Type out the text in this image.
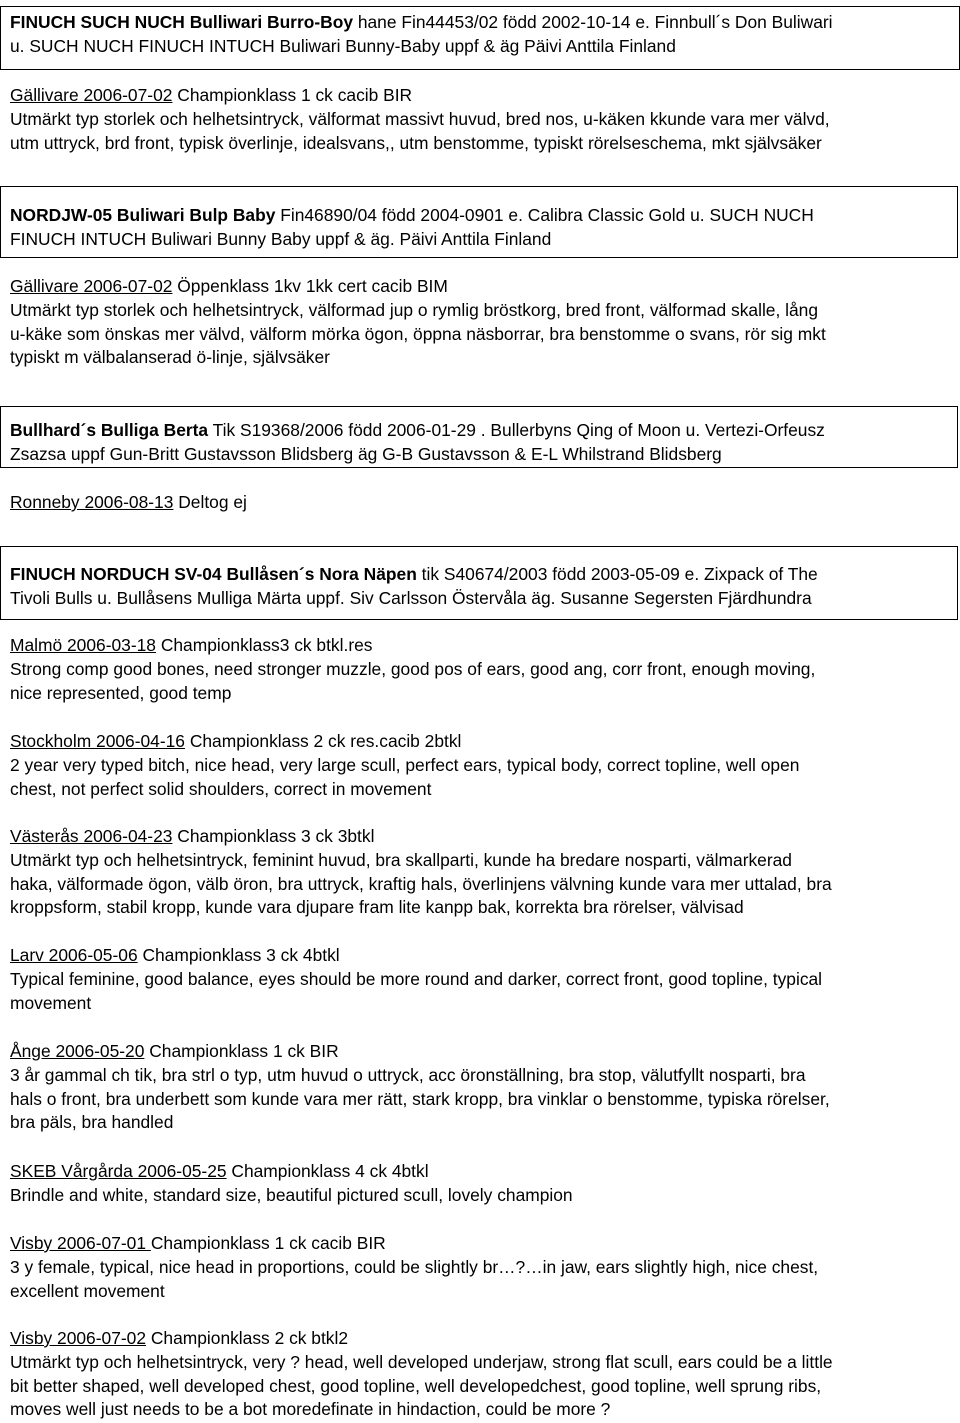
FINUCH SUCH NUCH Bulliwari Burro-Boy hane Fin44453/02 född 2002-10-14 e. Finnbull´s Don Buliwari
u. SUCH NUCH FINUCH INTUCH Buliwari Bunny-Baby uppf & äg Päivi Anttila Finland
Gällivare 2006-07-02 Championklass 1 ck cacib BIR
Utmärkt typ storlek och helhetsintryck, välformat massivt huvud, bred nos, u-käken kkunde vara mer välvd,
utm uttryck, brd front, typisk överlinje, idealsvans,, utm benstomme, typiskt rörelseschema, mkt självsäker
NORDJW-05 Buliwari Bulp Baby Fin46890/04 född 2004-0901 e. Calibra Classic Gold u. SUCH NUCH
FINUCH INTUCH Buliwari Bunny Baby uppf & äg. Päivi Anttila Finland
Gällivare 2006-07-02 Öppenklass 1kv 1kk cert cacib BIM
Utmärkt typ storlek och helhetsintryck, välformad jup o rymlig bröstkorg, bred front, välformad skalle, lång
u-käke som önskas mer välvd, välform mörka ögon, öppna näsborrar, bra benstomme o svans, rör sig mkt
typiskt m välbalanserad ö-linje, självsäker
Bullhard´s Bulliga Berta Tik S19368/2006 född 2006-01-29 . Bullerbyns Qing of Moon u. Vertezi-Orfeusz
Zsazsa uppf Gun-Britt Gustavsson Blidsberg äg G-B Gustavsson & E-L Whilstrand Blidsberg
Ronneby 2006-08-13 Deltog ej
FINUCH NORDUCH SV-04 Bullåsen´s Nora Näpen tik S40674/2003 född 2003-05-09 e. Zixpack of The
Tivoli Bulls u. Bullåsens Mulliga Märta uppf. Siv Carlsson Östervåla äg. Susanne Segersten Fjärdhundra
Malmö 2006-03-18 Championklass3 ck btkl.res
Strong comp good bones, need stronger muzzle, good pos of ears, good ang, corr front, enough moving,
nice represented, good temp
Stockholm 2006-04-16 Championklass 2 ck res.cacib 2btkl
2 year very typed bitch, nice head, very large scull, perfect ears, typical body, correct topline, well open
chest, not perfect solid shoulders, correct in movement
Västerås 2006-04-23 Championklass 3 ck 3btkl
Utmärkt typ och helhetsintryck, feminint huvud, bra skallparti, kunde ha bredare nosparti, välmarkerad
haka, välformade ögon, välb öron, bra uttryck, kraftig hals, överlinjens välvning kunde vara mer uttalad, bra
kroppsform, stabil kropp, kunde vara djupare fram lite kanpp bak, korrekta bra rörelser, välvisad
Larv 2006-05-06 Championklass 3 ck 4btkl
Typical feminine, good balance, eyes should be more round and darker, correct front, good topline, typical
movement
Ånge 2006-05-20 Championklass 1 ck BIR
3 år gammal ch tik, bra strl o typ, utm huvud o uttryck, acc öronställning, bra stop, välutfyllt nosparti, bra
hals o front, bra underbett som kunde vara mer rätt, stark kropp, bra vinklar o benstomme, typiska rörelser,
bra päls, bra handled
SKEB Vårgårda 2006-05-25 Championklass 4 ck 4btkl
Brindle and white, standard size, beautiful pictured scull, lovely champion
Visby 2006-07-01 Championklass 1 ck cacib BIR
3 y female, typical, nice head in proportions, could be slightly br…?…in jaw, ears slightly high, nice chest,
excellent movement
Visby 2006-07-02 Championklass 2 ck btkl2
Utmärkt typ och helhetsintryck, very ? head, well developed underjaw, strong flat scull, ears could be a little
bit better shaped, well developed chest, good topline, well developedchest, good topline, well sprung ribs,
moves well just needs to be a bot moredefinate in hindaction, could be more ?
